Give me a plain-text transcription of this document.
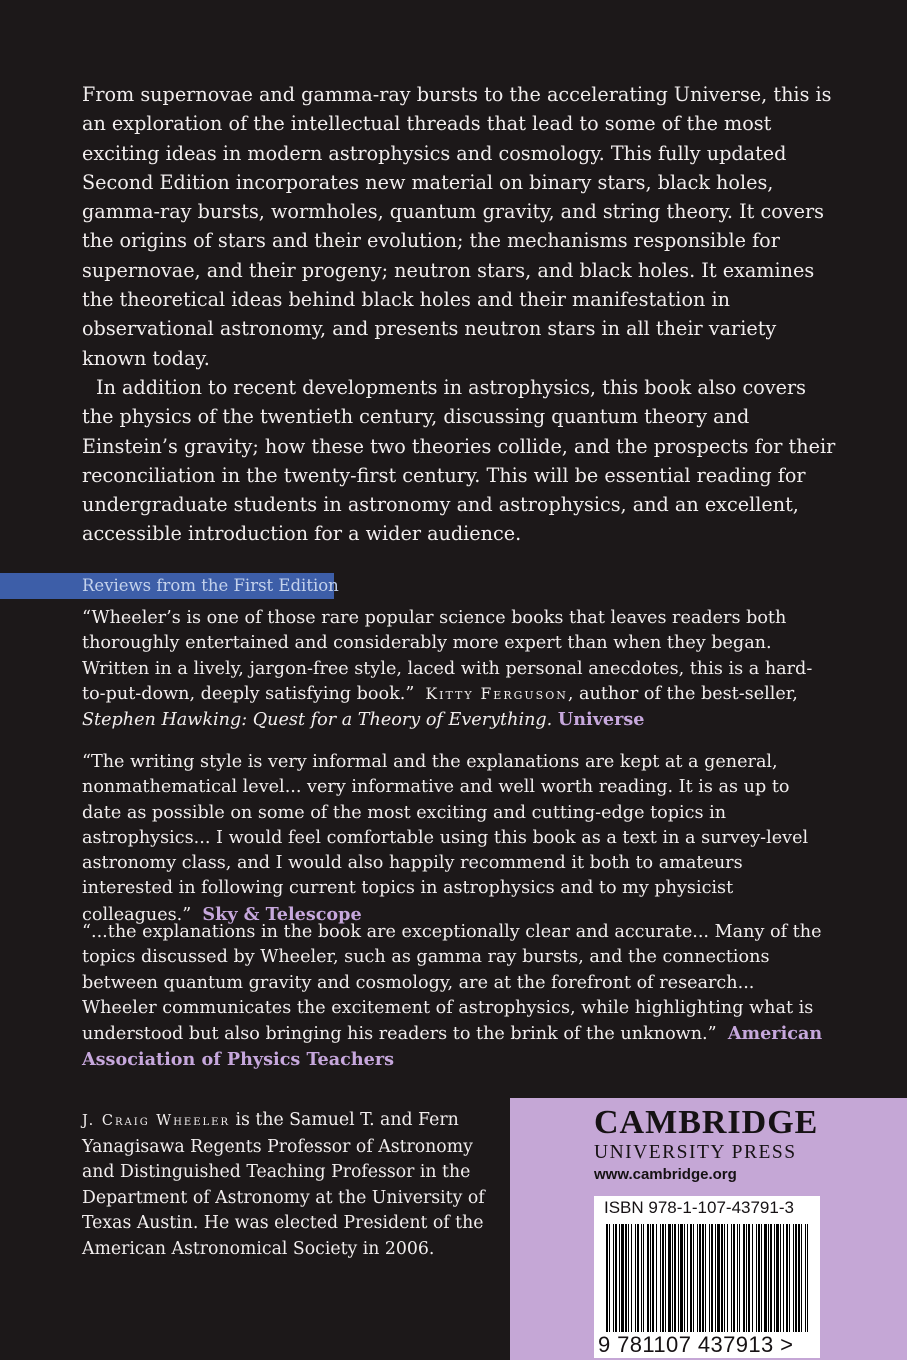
From supernovae and gamma-ray bursts to the accelerating Universe, this is an exploration of the intellectual threads that lead to some of the most exciting ideas in modern astrophysics and cosmology. This fully updated Second Edition incorporates new material on binary stars, black holes, gamma-ray bursts, wormholes, quantum gravity, and string theory. It covers the origins of stars and their evolution; the mechanisms responsible for supernovae, and their progeny; neutron stars, and black holes. It examines the theoretical ideas behind black holes and their manifestation in observational astronomy, and presents neutron stars in all their variety known today.

In addition to recent developments in astrophysics, this book also covers the physics of the twentieth century, discussing quantum theory and Einstein’s gravity; how these two theories collide, and the prospects for their reconciliation in the twenty-first century. This will be essential reading for undergraduate students in astronomy and astrophysics, and an excellent, accessible introduction for a wider audience.

Reviews from the First Edition

“Wheeler’s is one of those rare popular science books that leaves readers both thoroughly entertained and considerably more expert than when they began. Written in a lively, jargon-free style, laced with personal anecdotes, this is a hard-to-put-down, deeply satisfying book.” Kitty Ferguson, author of the best-seller, Stephen Hawking: Quest for a Theory of Everything. Universe

“The writing style is very informal and the explanations are kept at a general, nonmathematical level... very informative and well worth reading. It is as up to date as possible on some of the most exciting and cutting-edge topics in astrophysics... I would feel comfortable using this book as a text in a survey-level astronomy class, and I would also happily recommend it both to amateurs interested in following current topics in astrophysics and to my physicist colleagues.” Sky & Telescope

“...the explanations in the book are exceptionally clear and accurate... Many of the topics discussed by Wheeler, such as gamma ray bursts, and the connections between quantum gravity and cosmology, are at the forefront of research... Wheeler communicates the excitement of astrophysics, while highlighting what is understood but also bringing his readers to the brink of the unknown.” American Association of Physics Teachers

J. Craig Wheeler is the Samuel T. and Fern Yanagisawa Regents Professor of Astronomy and Distinguished Teaching Professor in the Department of Astronomy at the University of Texas Austin. He was elected President of the American Astronomical Society in 2006.

CAMBRIDGE
UNIVERSITY PRESS
www.cambridge.org
ISBN 978-1-107-43791-3
9 781107 437913 >
